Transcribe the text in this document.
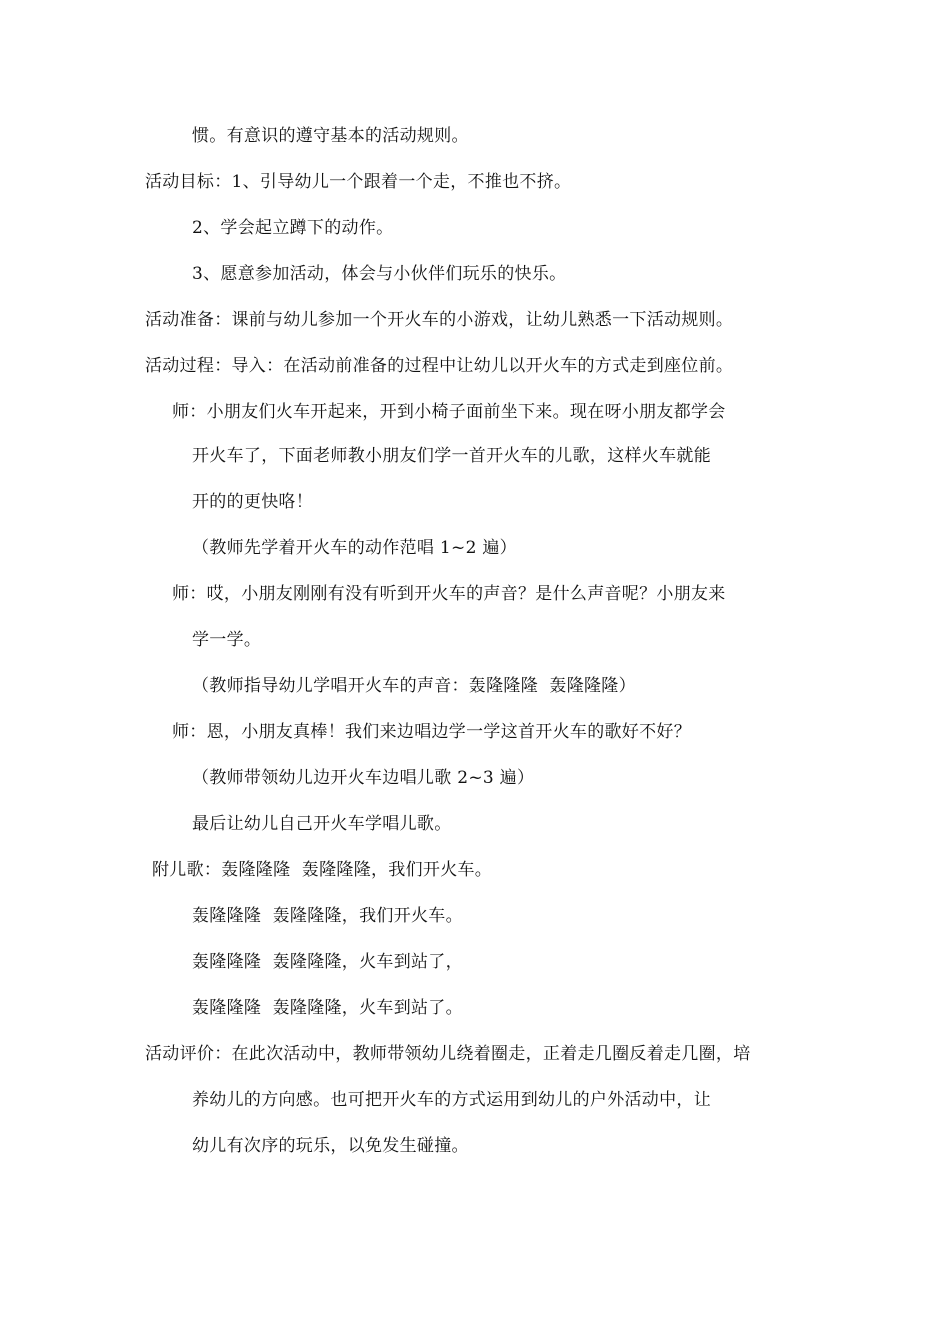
惯。有意识的遵守基本的活动规则。
活动目标：1、引导幼儿一个跟着一个走，不推也不挤。
2、学会起立蹲下的动作。
3、愿意参加活动，体会与小伙伴们玩乐的快乐。
活动准备：课前与幼儿参加一个开火车的小游戏，让幼儿熟悉一下活动规则。
活动过程：导入：在活动前准备的过程中让幼儿以开火车的方式走到座位前。
师：小朋友们火车开起来，开到小椅子面前坐下来。现在呀小朋友都学会
开火车了，下面老师教小朋友们学一首开火车的儿歌，这样火车就能
开的的更快咯！
（教师先学着开火车的动作范唱 1~2 遍）
师：哎，小朋友刚刚有没有听到开火车的声音？是什么声音呢？小朋友来
学一学。
（教师指导幼儿学唱开火车的声音：轰隆隆隆  轰隆隆隆）
师：恩，小朋友真棒！我们来边唱边学一学这首开火车的歌好不好？
（教师带领幼儿边开火车边唱儿歌 2~3 遍）
最后让幼儿自己开火车学唱儿歌。
附儿歌：轰隆隆隆  轰隆隆隆，我们开火车。
轰隆隆隆  轰隆隆隆，我们开火车。
轰隆隆隆  轰隆隆隆，火车到站了，
轰隆隆隆  轰隆隆隆，火车到站了。
活动评价：在此次活动中，教师带领幼儿绕着圈走，正着走几圈反着走几圈，培
养幼儿的方向感。也可把开火车的方式运用到幼儿的户外活动中，让
幼儿有次序的玩乐，以免发生碰撞。
